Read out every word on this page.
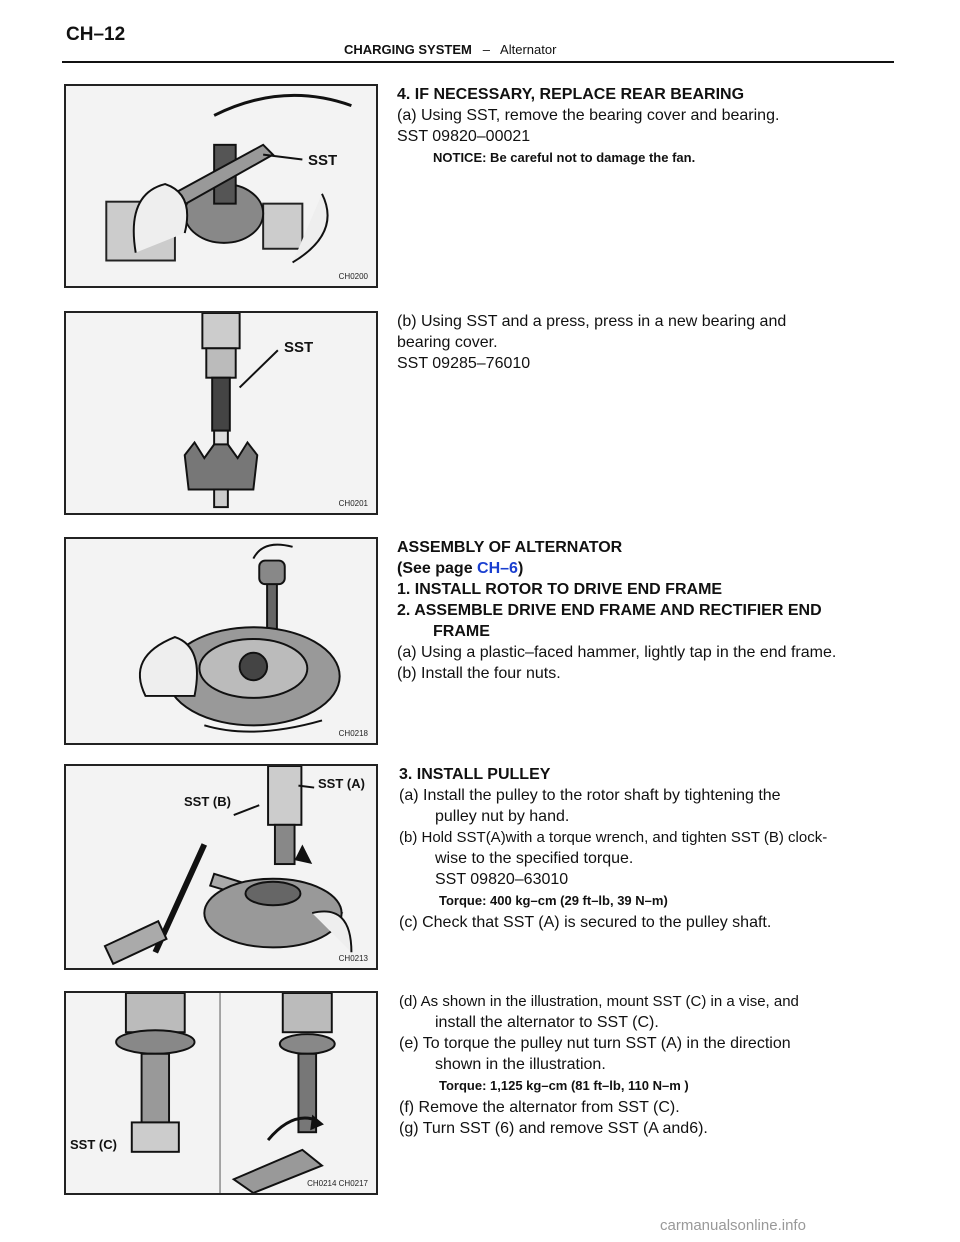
CH–12
CHARGING SYSTEM – Alternator
SST
CH0200
SST
CH0201
CH0218
SST (B)
SST (A)
CH0213
SST (C)
CH0214 CH0217

4. IF NECESSARY, REPLACE REAR BEARING

(a) Using SST, remove the bearing cover and bearing.

SST 09820–00021

NOTICE: Be careful not to damage the fan.

(b) Using SST and a press, press in a new bearing and

bearing cover.

SST 09285–76010

ASSEMBLY OF ALTERNATOR

(See page CH–6)

1. INSTALL ROTOR TO DRIVE END FRAME

2. ASSEMBLE DRIVE END FRAME AND RECTIFIER END

FRAME

(a) Using a plastic–faced hammer, lightly tap in the end frame.

(b) Install the four nuts.

3. INSTALL PULLEY

(a) Install the pulley to the rotor shaft by tightening the

pulley nut by hand.

(b) Hold SST(A)with a torque wrench, and tighten SST (B) clock-

wise to the specified torque.

SST 09820–63010

Torque: 400 kg–cm (29 ft–lb, 39 N–m)

(c) Check that SST (A) is secured to the pulley shaft.

(d) As shown in the illustration, mount SST (C) in a vise, and

install the alternator to SST (C).

(e) To torque the pulley nut turn SST (A) in the direction

shown in the illustration.

Torque: 1,125 kg–cm (81 ft–lb, 110 N–m )

(f) Remove the alternator from SST (C).

(g) Turn SST (6) and remove SST (A and6).

carmanualsonline.info
